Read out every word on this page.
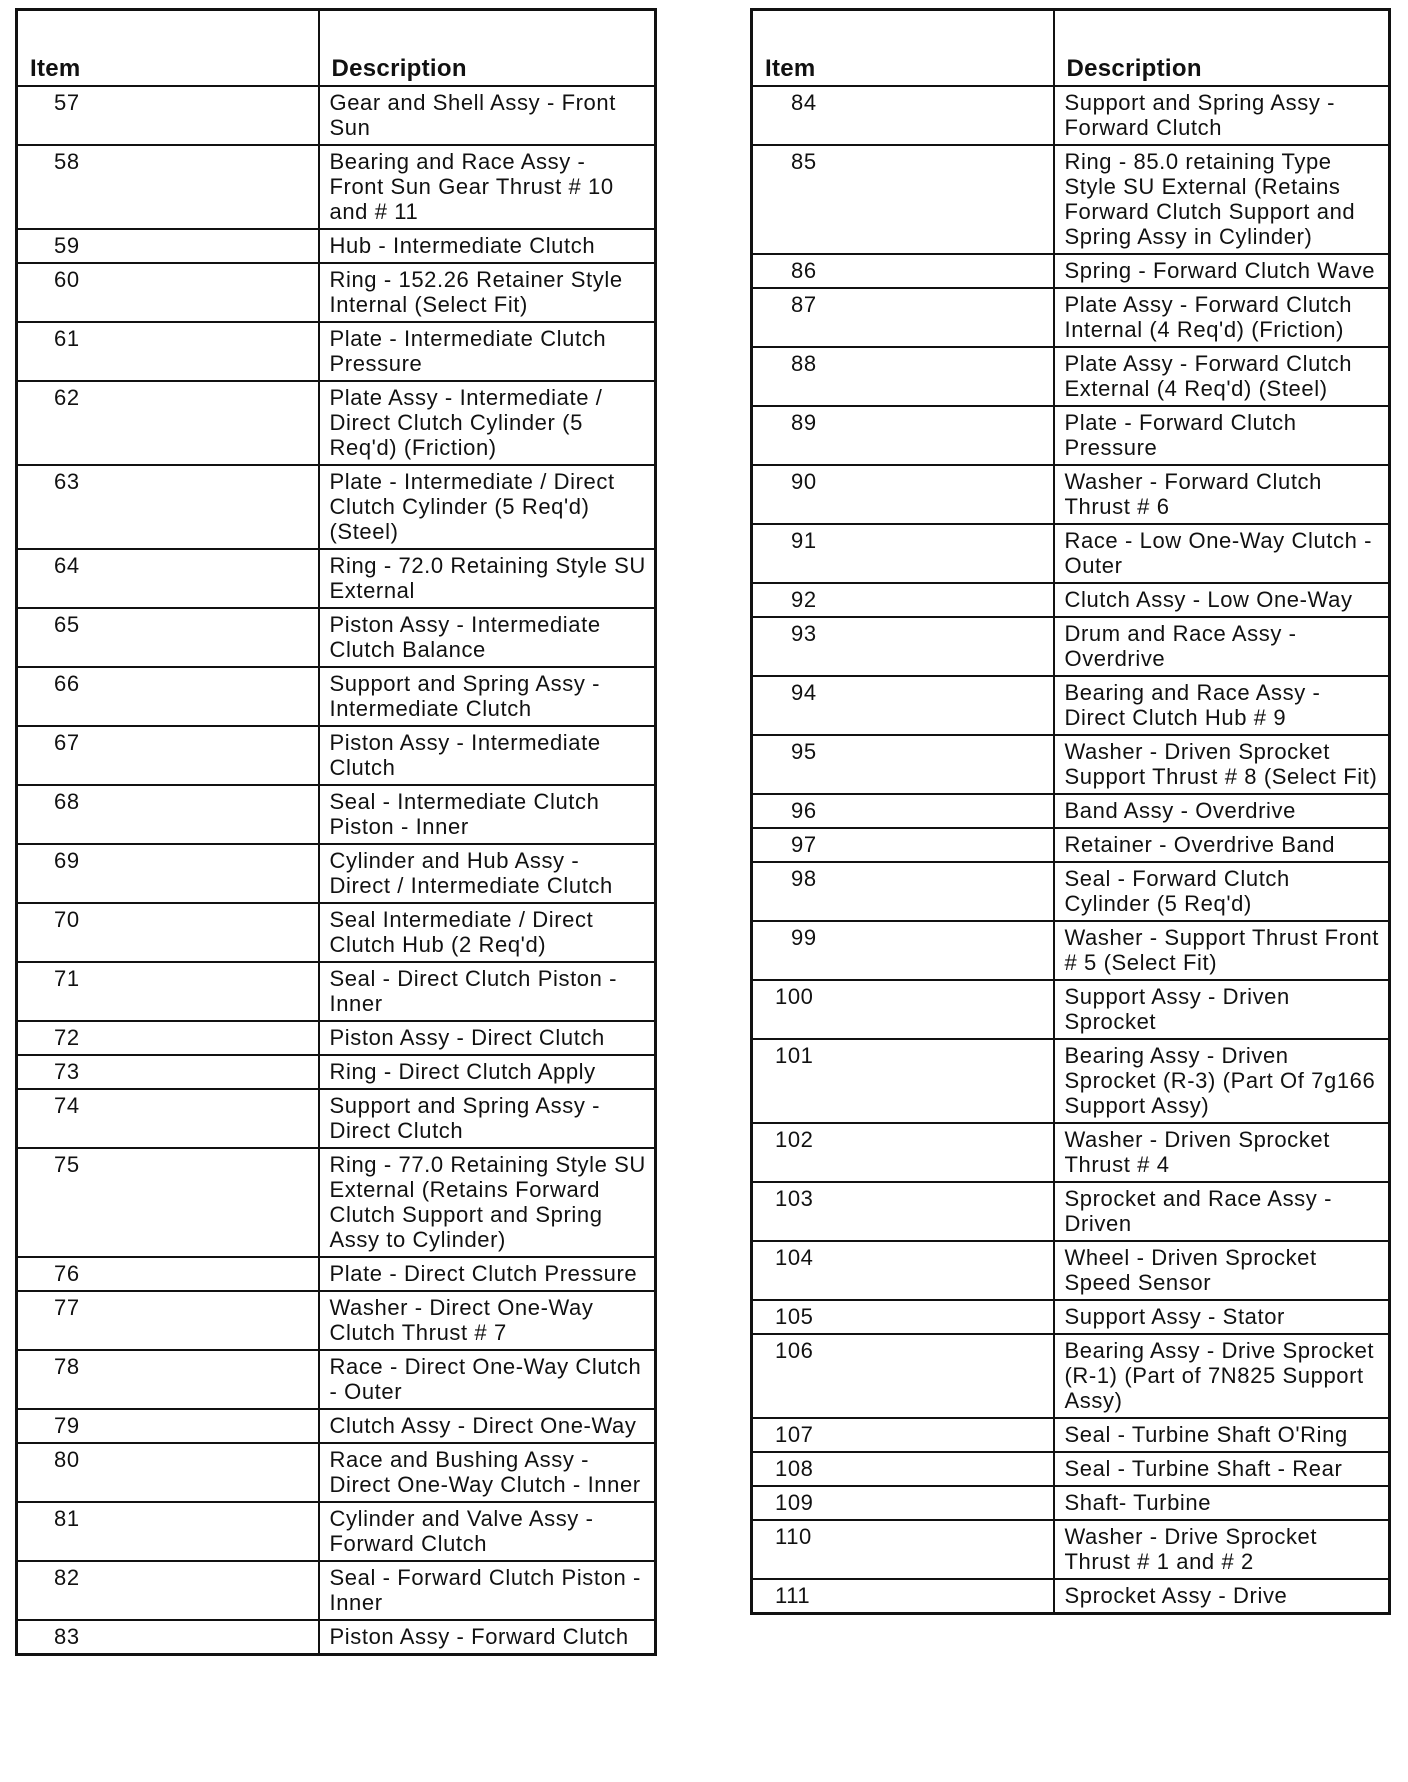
Item	Description
57	Gear and Shell Assy - Front Sun
58	Bearing and Race Assy - Front Sun Gear Thrust # 10 and # 11
59	Hub - Intermediate Clutch
60	Ring - 152.26 Retainer Style Internal (Select Fit)
61	Plate - Intermediate Clutch Pressure
62	Plate Assy - Intermediate / Direct Clutch Cylinder (5 Req'd) (Friction)
63	Plate - Intermediate / Direct Clutch Cylinder (5 Req'd) (Steel)
64	Ring - 72.0 Retaining Style SU External
65	Piston Assy - Intermediate Clutch Balance
66	Support and Spring Assy - Intermediate Clutch
67	Piston Assy - Intermediate Clutch
68	Seal - Intermediate Clutch Piston - Inner
69	Cylinder and Hub Assy - Direct / Intermediate Clutch
70	Seal Intermediate / Direct Clutch Hub (2 Req'd)
71	Seal - Direct Clutch Piston - Inner
72	Piston Assy - Direct Clutch
73	Ring - Direct Clutch Apply
74	Support and Spring Assy -Direct Clutch
75	Ring - 77.0 Retaining Style SU External (Retains Forward Clutch Support and Spring Assy to Cylinder)
76	Plate - Direct Clutch Pressure
77	Washer - Direct One-Way Clutch Thrust # 7
78	Race - Direct One-Way Clutch - Outer
79	Clutch Assy - Direct One-Way
80	Race and Bushing Assy - Direct One-Way Clutch - Inner
81	Cylinder and Valve Assy - Forward Clutch
82	Seal - Forward Clutch Piston - Inner
83	Piston Assy - Forward Clutch
Item	Description
84	Support and Spring Assy - Forward Clutch
85	Ring - 85.0 retaining Type Style SU External (Retains Forward Clutch Support and Spring Assy in Cylinder)
86	Spring - Forward Clutch Wave
87	Plate Assy - Forward Clutch Internal (4 Req'd) (Friction)
88	Plate Assy - Forward Clutch External (4 Req'd) (Steel)
89	Plate - Forward Clutch Pressure
90	Washer - Forward Clutch Thrust # 6
91	Race - Low One-Way Clutch - Outer
92	Clutch Assy - Low One-Way
93	Drum and Race Assy - Overdrive
94	Bearing and Race Assy - Direct Clutch Hub # 9
95	Washer - Driven Sprocket Support Thrust # 8 (Select Fit)
96	Band Assy - Overdrive
97	Retainer - Overdrive Band
98	Seal - Forward Clutch Cylinder (5 Req'd)
99	Washer - Support Thrust Front # 5 (Select Fit)
100	Support Assy - Driven Sprocket
101	Bearing Assy - Driven Sprocket (R-3) (Part Of 7g166 Support Assy)
102	Washer - Driven Sprocket Thrust # 4
103	Sprocket and Race Assy - Driven
104	Wheel - Driven Sprocket Speed Sensor
105	Support Assy - Stator
106	Bearing Assy - Drive Sprocket (R-1) (Part of 7N825 Support Assy)
107	Seal - Turbine Shaft O'Ring
108	Seal - Turbine Shaft - Rear
109	Shaft- Turbine
110	Washer - Drive Sprocket Thrust # 1 and # 2
111	Sprocket Assy - Drive
